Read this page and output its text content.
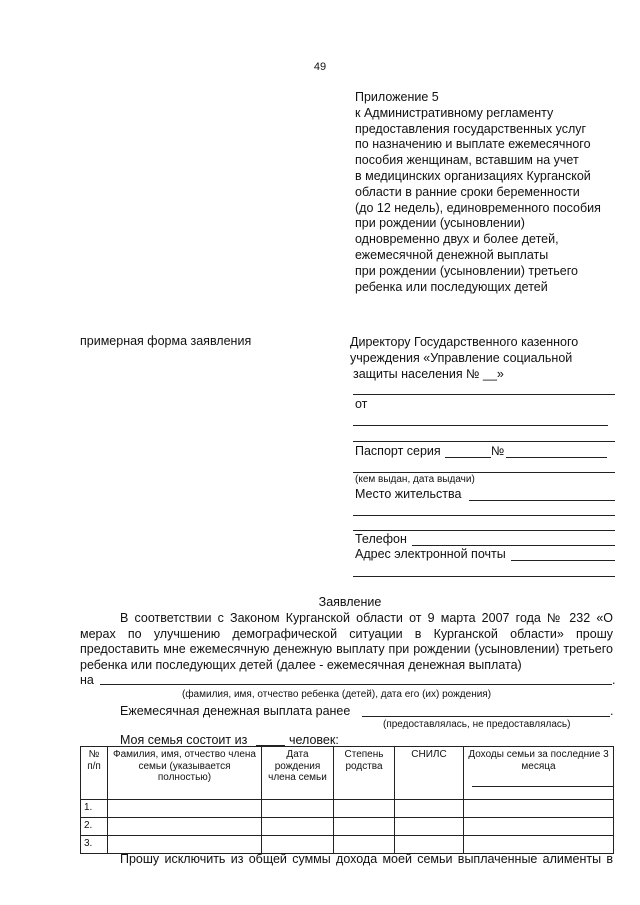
49
Приложение 5
к Административному регламенту
предоставления государственных услуг
по назначению и выплате ежемесячного
пособия женщинам, вставшим на учет
в медицинских организациях Курганской
области в ранние сроки беременности
(до 12 недель), единовременного пособия
при рождении (усыновлении)
одновременно двух и более детей,
ежемесячной денежной выплаты
при рождении (усыновлении) третьего
ребенка или последующих детей
примерная форма заявления	Директору Государственного казенного
учреждения «Управление социальной
защиты населения № __»
от
Паспорт серия	№
(кем выдан, дата выдачи)
Место жительства
Телефон
Адрес электронной почты
Заявление
В соответствии с Законом Курганской области от 9 марта 2007 года № 232 «О мерах по улучшению демографической ситуации в Курганской области» прошу предоставить мне ежемесячную денежную выплату при рождении (усыновлении) третьего ребенка или последующих детей (далее - ежемесячная денежная выплата)
на	.
(фамилия, имя, отчество ребенка (детей), дата его (их) рождения)
Ежемесячная денежная выплата ранее	.
(предоставлялась, не предоставлялась)
Моя семья состоит из	человек:
№ п/п	Фамилия, имя, отчество члена семьи (указывается полностью)	Дата рождения члена семьи	Степень родства	СНИЛС	Доходы семьи за последние 3 месяца
1.					
2.					
3.					
Прошу исключить из общей суммы дохода моей семьи выплаченные алименты в
